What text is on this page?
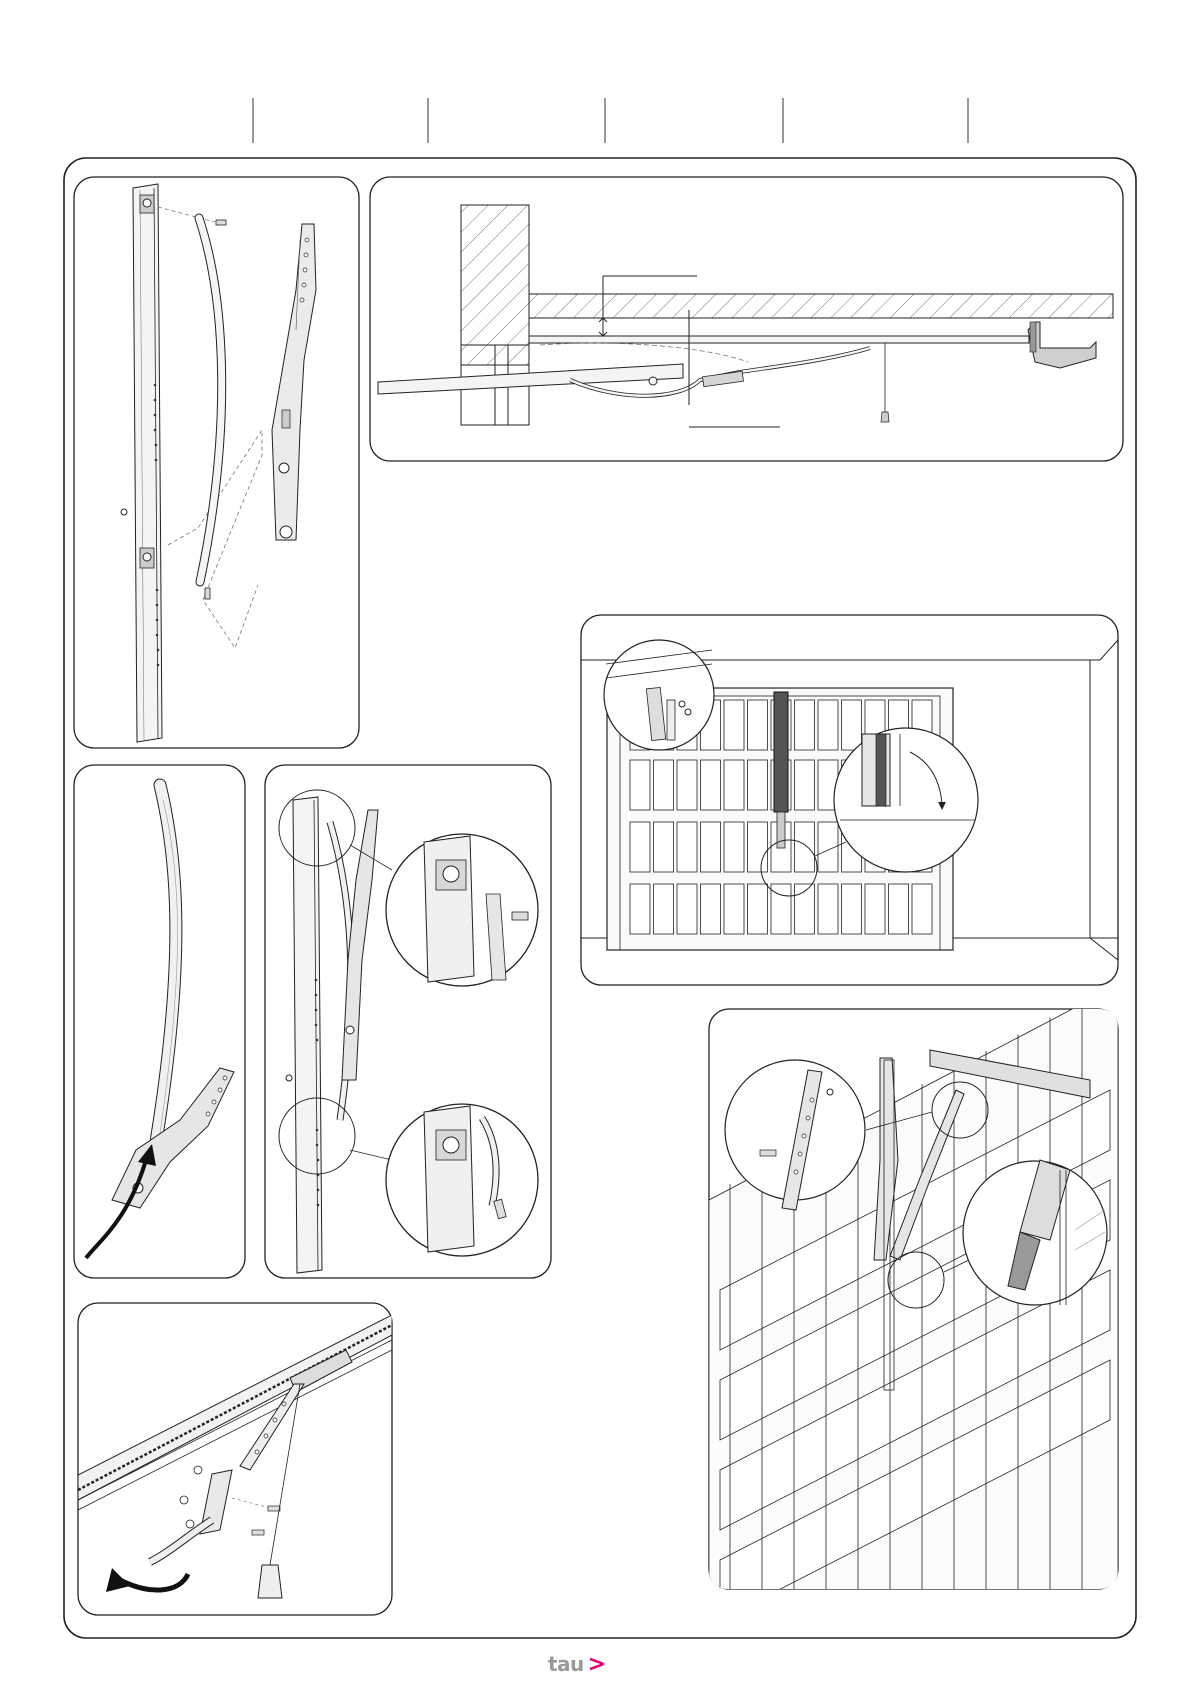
tau >
